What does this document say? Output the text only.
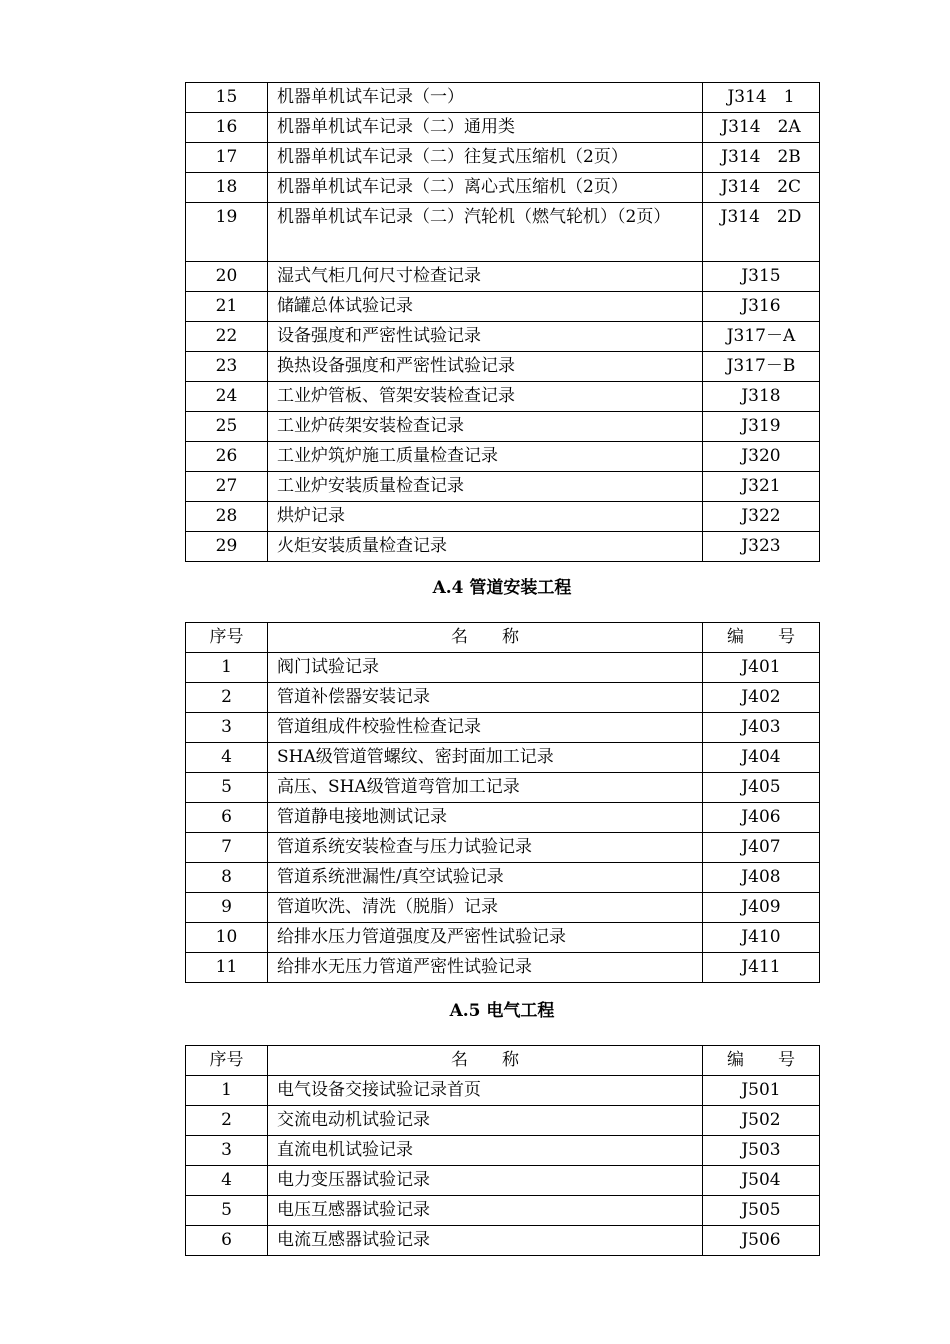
15	机器单机试车记录（一）	J314　1
16	机器单机试车记录（二）通用类	J314　2A
17	机器单机试车记录（二）往复式压缩机（2页）	J314　2B
18	机器单机试车记录（二）离心式压缩机（2页）	J314　2C
19	机器单机试车记录（二）汽轮机（燃气轮机）（2页）	J314　2D
20	湿式气柜几何尺寸检查记录	J315
21	储罐总体试验记录	J316
22	设备强度和严密性试验记录	J317－A
23	换热设备强度和严密性试验记录	J317－B
24	工业炉管板、管架安装检查记录	J318
25	工业炉砖架安装检查记录	J319
26	工业炉筑炉施工质量检查记录	J320
27	工业炉安装质量检查记录	J321
28	烘炉记录	J322
29	火炬安装质量检查记录	J323
A.4 管道安装工程
序号	名　　称	编　　号
1	阀门试验记录	J401
2	管道补偿器安装记录	J402
3	管道组成件校验性检查记录	J403
4	SHA级管道管螺纹、密封面加工记录	J404
5	高压、SHA级管道弯管加工记录	J405
6	管道静电接地测试记录	J406
7	管道系统安装检查与压力试验记录	J407
8	管道系统泄漏性/真空试验记录	J408
9	管道吹洗、清洗（脱脂）记录	J409
10	给排水压力管道强度及严密性试验记录	J410
11	给排水无压力管道严密性试验记录	J411
A.5 电气工程
序号	名　　称	编　　号
1	电气设备交接试验记录首页	J501
2	交流电动机试验记录	J502
3	直流电机试验记录	J503
4	电力变压器试验记录	J504
5	电压互感器试验记录	J505
6	电流互感器试验记录	J506
